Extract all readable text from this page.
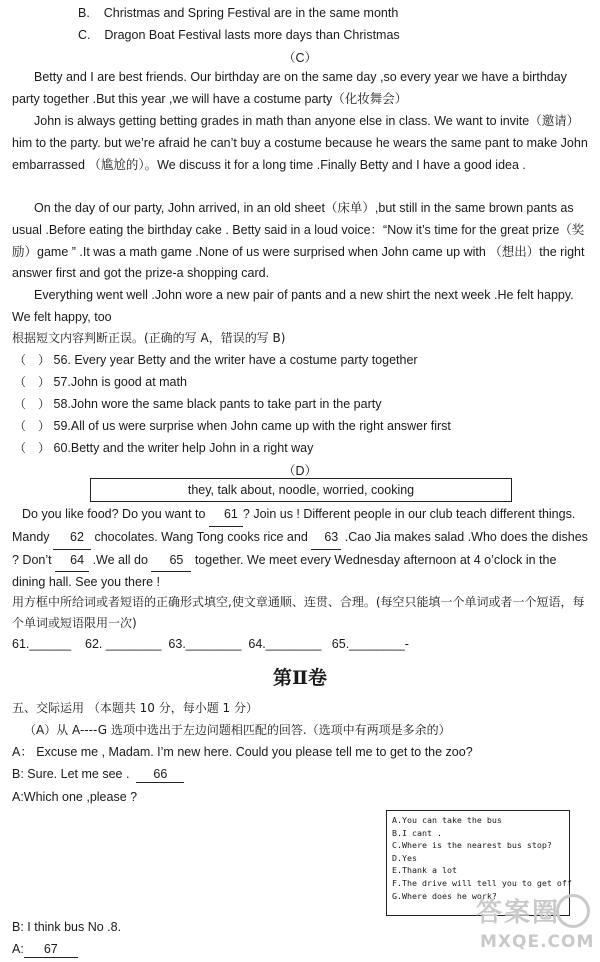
B. Christmas and Spring Festival are in the same month
C. Dragon Boat Festival lasts more days than Christmas
（C）
Betty and I are best friends. Our birthday are on the same day ,so every year we have a birthday party together .But this year ,we will have a costume party（化妆舞会）
John is always getting betting grades in math than anyone else in class. We want to invite（邀请）him to the party. but we’re afraid he can’t buy a costume because he wears the same pant to make John embarrassed （尴尬的）。We discuss it for a long time .Finally Betty and I have a good idea .
On the day of our party, John arrived, in an old sheet（床单）,but still in the same brown pants as usual .Before eating the birthday cake . Betty said in a loud voice：“Now it’s time for the great prize（奖励）game ” .It was a math game .None of us were surprised when John came up with （想出）the right answer first and got the prize-a shopping card.
Everything went well .John wore a new pair of pants and a new shirt the next week .He felt happy. We felt happy, too
根据短文内容判断正误。(正确的写 A，错误的写 B)
（　） 56. Every year Betty and the writer have a costume party together
（　） 57.John is good at math
（　） 58.John wore the same black pants to take part in the party
（　） 59.All of us were surprise when John came up with the right answer first
（　） 60.Betty and the writer help John in a right way
（D）
they, talk about, noodle, worried, cooking
Do you like food? Do you want to 61 ? Join us ! Different people in our club teach different things. Mandy 62 chocolates. Wang Tong cooks rice and 63 .Cao Jia makes salad .Who does the dishes ? Don’t 64 .We all do 65 together. We meet every Wednesday afternoon at 4 o’clock in the dining hall. See you there !
用方框中所给词或者短语的正确形式填空,使文章通顺、连贯、合理。(每空只能填一个单词或者一个短语，每个单词或短语限用一次)
61.______ 62. ________ 63.________ 64.________ 65.________-
第Ⅱ卷
五、交际运用 （本题共 10 分，每小题 1 分）
（A）从 A----G 选项中选出于左边问题相匹配的回答.（选项中有两项是多余的）
A： Excuse me , Madam. I’m new here. Could you please tell me to get to the zoo?
B: Sure. Let me see . 66
A:Which one ,please ?
A.You can take the bus
B.I cant .
C.Where is the nearest bus stop?
D.Yes
E.Thank a lot
F.The drive will tell you to get off
G.Where does he work?
B: I think bus No .8.
A: 67
答案圈
MXQE.COM
